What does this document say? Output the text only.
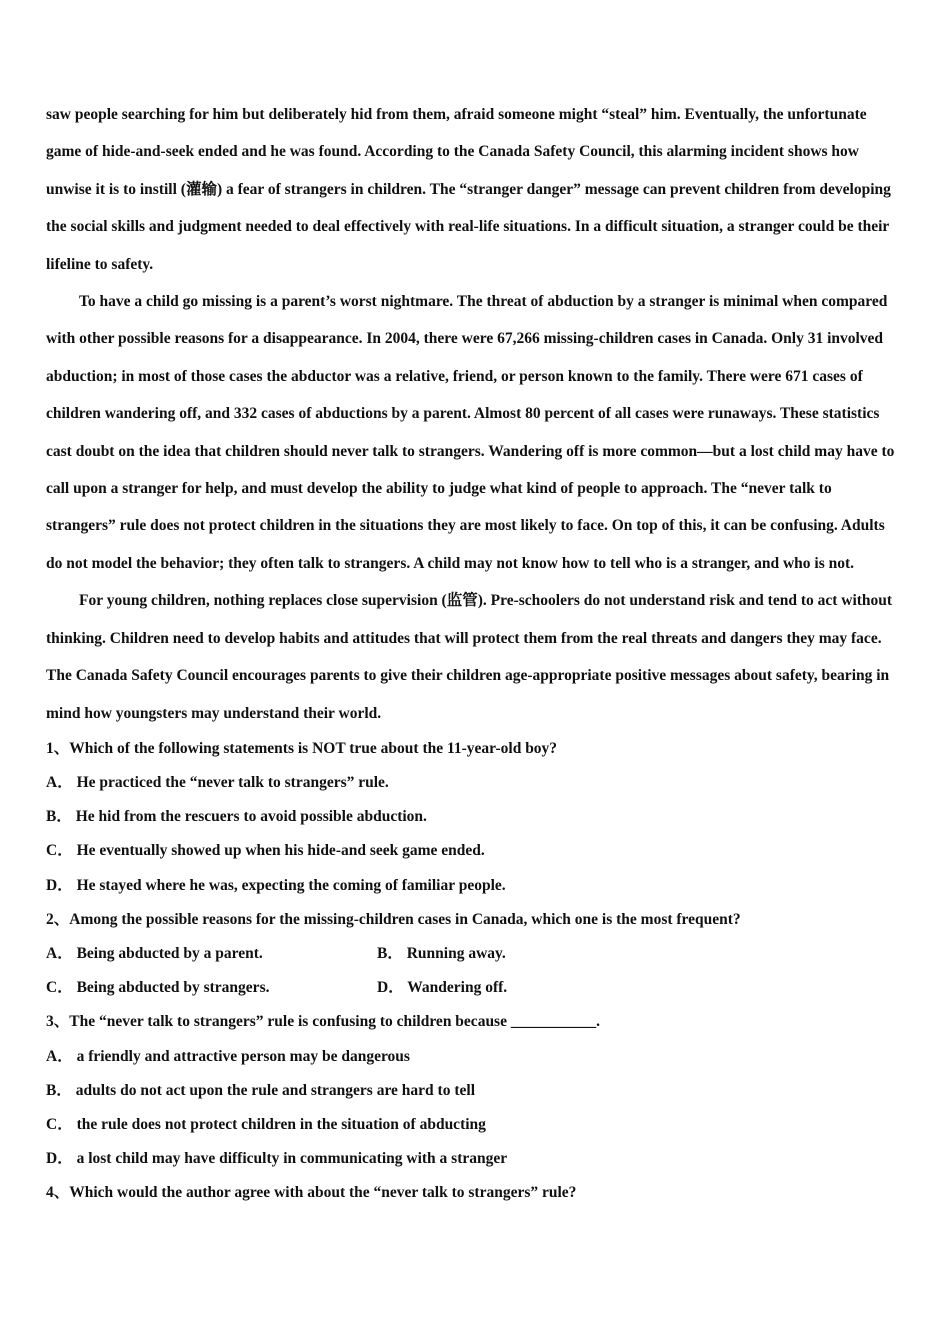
saw people searching for him but deliberately hid from them, afraid someone might “steal” him. Eventually, the unfortunate game of hide-and-seek ended and he was found. According to the Canada Safety Council, this alarming incident shows how unwise it is to instill (灌输) a fear of strangers in children. The “stranger danger” message can prevent children from developing the social skills and judgment needed to deal effectively with real-life situations. In a difficult situation, a stranger could be their lifeline to safety.

To have a child go missing is a parent’s worst nightmare. The threat of abduction by a stranger is minimal when compared with other possible reasons for a disappearance. In 2004, there were 67,266 missing-children cases in Canada. Only 31 involved abduction; in most of those cases the abductor was a relative, friend, or person known to the family. There were 671 cases of children wandering off, and 332 cases of abductions by a parent. Almost 80 percent of all cases were runaways. These statistics cast doubt on the idea that children should never talk to strangers. Wandering off is more common—but a lost child may have to call upon a stranger for help, and must develop the ability to judge what kind of people to approach. The “never talk to strangers” rule does not protect children in the situations they are most likely to face. On top of this, it can be confusing. Adults do not model the behavior; they often talk to strangers. A child may not know how to tell who is a stranger, and who is not.

For young children, nothing replaces close supervision (监管). Pre-schoolers do not understand risk and tend to act without thinking. Children need to develop habits and attitudes that will protect them from the real threats and dangers they may face. The Canada Safety Council encourages parents to give their children age-appropriate positive messages about safety, bearing in mind how youngsters may understand their world.

1、Which of the following statements is NOT true about the 11-year-old boy?

A． He practiced the “never talk to strangers” rule.

B． He hid from the rescuers to avoid possible abduction.

C． He eventually showed up when his hide-and seek game ended.

D． He stayed where he was, expecting the coming of familiar people.

2、Among the possible reasons for the missing-children cases in Canada, which one is the most frequent?

A． Being abducted by a parent.	B． Running away.
C． Being abducted by strangers.	D． Wandering off.

3、The “never talk to strangers” rule is confusing to children because ___________.

A． a friendly and attractive person may be dangerous

B． adults do not act upon the rule and strangers are hard to tell

C． the rule does not protect children in the situation of abducting

D． a lost child may have difficulty in communicating with a stranger

4、Which would the author agree with about the “never talk to strangers” rule?
